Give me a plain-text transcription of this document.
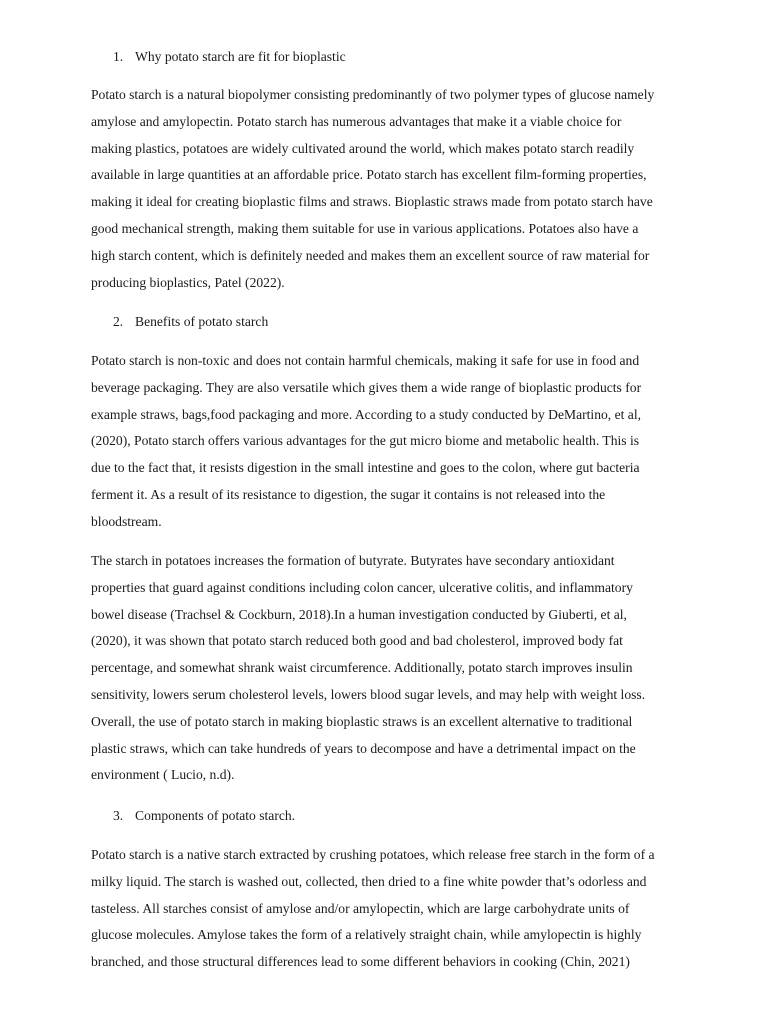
1. Why potato starch are fit for bioplastic
Potato starch is a natural biopolymer consisting predominantly of two polymer types of glucose namely
amylose and amylopectin. Potato starch has numerous advantages that make it a viable choice for
making plastics, potatoes are widely cultivated around the world, which makes potato starch readily
available in large quantities at an affordable price. Potato starch has excellent film-forming properties,
making it ideal for creating bioplastic films and straws. Bioplastic straws made from potato starch have
good mechanical strength, making them suitable for use in various applications. Potatoes also have a
high starch content, which is definitely needed and makes them an excellent source of raw material for
producing bioplastics, Patel (2022).
2. Benefits of potato starch
Potato starch is non-toxic and does not contain harmful chemicals, making it safe for use in food and
beverage packaging. They are also versatile which gives them a wide range of bioplastic products for
example straws, bags,food packaging and more. According to a study conducted by DeMartino, et al,
(2020), Potato starch offers various advantages for the gut micro biome and metabolic health. This is
due to the fact that, it resists digestion in the small intestine and goes to the colon, where gut bacteria
ferment it. As a result of its resistance to digestion, the sugar it contains is not released into the
bloodstream.
The starch in potatoes increases the formation of butyrate. Butyrates have secondary antioxidant
properties that guard against conditions including colon cancer, ulcerative colitis, and inflammatory
bowel disease (Trachsel & Cockburn, 2018).In a human investigation conducted by Giuberti, et al,
(2020), it was shown that potato starch reduced both good and bad cholesterol, improved body fat
percentage, and somewhat shrank waist circumference. Additionally, potato starch improves insulin
sensitivity, lowers serum cholesterol levels, lowers blood sugar levels, and may help with weight loss.
Overall, the use of potato starch in making bioplastic straws is an excellent alternative to traditional
plastic straws, which can take hundreds of years to decompose and have a detrimental impact on the
environment ( Lucio, n.d).
3. Components of potato starch.
Potato starch is a native starch extracted by crushing potatoes, which release free starch in the form of a
milky liquid. The starch is washed out, collected, then dried to a fine white powder that’s odorless and
tasteless. All starches consist of amylose and/or amylopectin, which are large carbohydrate units of
glucose molecules. Amylose takes the form of a relatively straight chain, while amylopectin is highly
branched, and those structural differences lead to some different behaviors in cooking (Chin, 2021)
